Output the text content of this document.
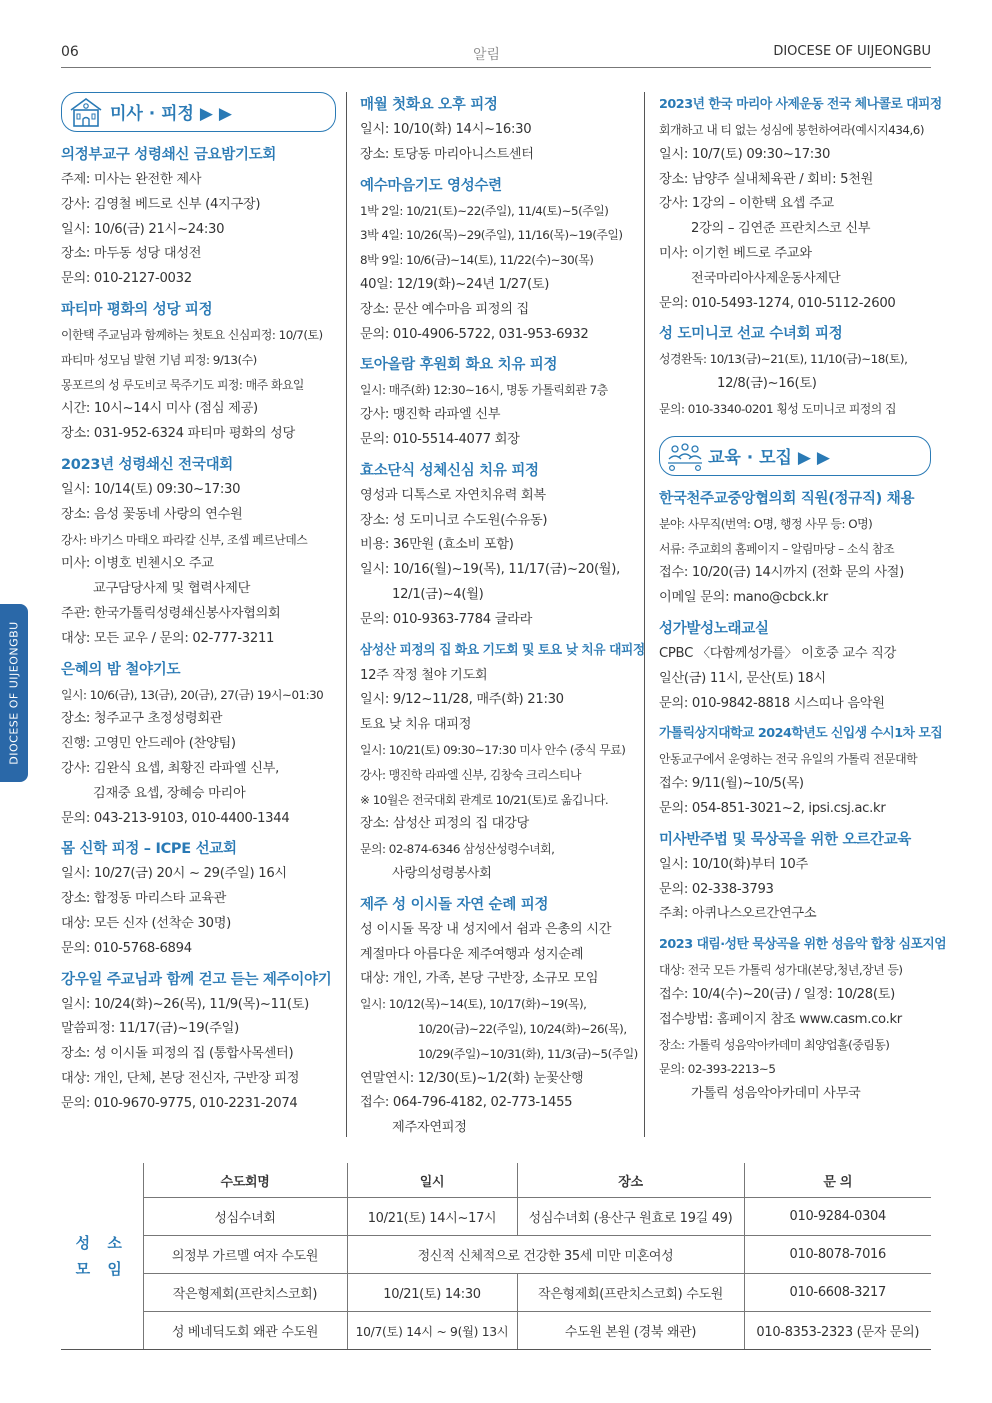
06	알림	DIOCESE OF UIJEONGBU
DIOCESE OF UIJEONGBU
미사 · 피정 ▶ ▶
의정부교구 성령쇄신 금요밤기도회
주제: 미사는 완전한 제사
강사: 김영철 베드로 신부 (4지구장)
일시: 10/6(금) 21시~24:30
장소: 마두동 성당 대성전
문의: 010-2127-0032
파티마 평화의 성당 피정
이한택 주교님과 함께하는 첫토요 신심피정: 10/7(토)
파티마 성모님 발현 기념 피정: 9/13(수)
몽포르의 성 루도비코 묵주기도 피정: 매주 화요일
시간: 10시~14시 미사 (점심 제공)
장소: 031-952-6324 파티마 평화의 성당
2023년 성령쇄신 전국대회
일시: 10/14(토) 09:30~17:30
장소: 음성 꽃동네 사랑의 연수원
강사: 바기스 마태오 파라칼 신부, 조셉 페르난데스
미사: 이병호 빈첸시오 주교
교구담당사제 및 협력사제단
주관: 한국가톨릭성령쇄신봉사자협의회
대상: 모든 교우 / 문의: 02-777-3211
은혜의 밤 철야기도
일시: 10/6(금), 13(금), 20(금), 27(금) 19시~01:30
장소: 청주교구 초정성령회관
진행: 고영민 안드레아 (찬양팀)
강사: 김완식 요셉, 최황진 라파엘 신부,
김재중 요셉, 장혜승 마리아
문의: 043-213-9103, 010-4400-1344
몸 신학 피정 – ICPE 선교회
일시: 10/27(금) 20시 ~ 29(주일) 16시
장소: 합정동 마리스타 교육관
대상: 모든 신자 (선착순 30명)
문의: 010-5768-6894
강우일 주교님과 함께 걷고 듣는 제주이야기
일시: 10/24(화)~26(목), 11/9(목)~11(토)
말씀피정: 11/17(금)~19(주일)
장소: 성 이시돌 피정의 집 (통합사목센터)
대상: 개인, 단체, 본당 전신자, 구반장 피정
문의: 010-9670-9775, 010-2231-2074
매월 첫화요 오후 피정
일시: 10/10(화) 14시~16:30
장소: 토당동 마리아니스트센터
예수마음기도 영성수련
1박 2일: 10/21(토)~22(주일), 11/4(토)~5(주일)
3박 4일: 10/26(목)~29(주일), 11/16(목)~19(주일)
8박 9일: 10/6(금)~14(토), 11/22(수)~30(목)
40일: 12/19(화)~24년 1/27(토)
장소: 문산 예수마음 피정의 집
문의: 010-4906-5722, 031-953-6932
토아올람 후원회 화요 치유 피정
일시: 매주(화) 12:30~16시, 명동 가톨릭회관 7층
강사: 맹진학 라파엘 신부
문의: 010-5514-4077 회장
효소단식 성체신심 치유 피정
영성과 디톡스로 자연치유력 회복
장소: 성 도미니코 수도원(수유동)
비용: 36만원 (효소비 포함)
일시: 10/16(월)~19(목), 11/17(금)~20(월),
12/1(금)~4(월)
문의: 010-9363-7784 글라라
삼성산 피정의 집 화요 기도회 및 토요 낮 치유 대피정
12주 작정 철야 기도회
일시: 9/12~11/28, 매주(화) 21:30
토요 낮 치유 대피정
일시: 10/21(토) 09:30~17:30 미사 안수 (중식 무료)
강사: 맹진학 라파엘 신부, 김창숙 크리스티나
※ 10월은 전국대회 관계로 10/21(토)로 옮깁니다.
장소: 삼성산 피정의 집 대강당
문의: 02-874-6346 삼성산성령수녀회,
사랑의성령봉사회
제주 성 이시돌 자연 순례 피정
성 이시돌 목장 내 성지에서 쉼과 은총의 시간
계절마다 아름다운 제주여행과 성지순례
대상: 개인, 가족, 본당 구반장, 소규모 모임
일시: 10/12(목)~14(토), 10/17(화)~19(목),
10/20(금)~22(주일), 10/24(화)~26(목),
10/29(주일)~10/31(화), 11/3(금)~5(주일)
연말연시: 12/30(토)~1/2(화) 눈꽃산행
접수: 064-796-4182, 02-773-1455
제주자연피정
2023년 한국 마리아 사제운동 전국 체나콜로 대피정
회개하고 내 티 없는 성심에 봉헌하여라(예시지434,6)
일시: 10/7(토) 09:30~17:30
장소: 남양주 실내체육관 / 회비: 5천원
강사: 1강의 – 이한택 요셉 주교
2강의 – 김연준 프란치스코 신부
미사: 이기헌 베드로 주교와
전국마리아사제운동사제단
문의: 010-5493-1274, 010-5112-2600
성 도미니코 선교 수녀회 피정
성경완독: 10/13(금)~21(토), 11/10(금)~18(토),
12/8(금)~16(토)
문의: 010-3340-0201 횡성 도미니코 피정의 집
교육 · 모집 ▶ ▶
한국천주교중앙협의회 직원(정규직) 채용
분야: 사무직(번역: O명, 행정 사무 등: O명)
서류: 주교회의 홈페이지 – 알림마당 – 소식 참조
접수: 10/20(금) 14시까지 (전화 문의 사절)
이메일 문의: mano@cbck.kr
성가발성노래교실
CPBC 〈다함께성가를〉 이호중 교수 직강
일산(금) 11시, 문산(토) 18시
문의: 010-9842-8818 시스띠나 음악원
가톨릭상지대학교 2024학년도 신입생 수시1차 모집
안동교구에서 운영하는 전국 유일의 가톨릭 전문대학
접수: 9/11(월)~10/5(목)
문의: 054-851-3021~2, ipsi.csj.ac.kr
미사반주법 및 묵상곡을 위한 오르간교육
일시: 10/10(화)부터 10주
문의: 02-338-3793
주최: 아퀴나스오르간연구소
2023 대림·성탄 묵상곡을 위한 성음악 합창 심포지엄
대상: 전국 모든 가톨릭 성가대(본당,청년,장년 등)
접수: 10/4(수)~20(금) / 일정: 10/28(토)
접수방법: 홈페이지 참조 www.casm.co.kr
장소: 가톨릭 성음악아카데미 최양업홀(중림동)
문의: 02-393-2213~5
가톨릭 성음악아카데미 사무국
성 소
모 임	수도회명	일시	장소	문 의
	성심수녀회	10/21(토) 14시~17시	성심수녀회 (용산구 원효로 19길 49)	010-9284-0304
	의정부 가르멜 여자 수도원	정신적 신체적으로 건강한 35세 미만 미혼여성		010-8078-7016
	작은형제회(프란치스코회)	10/21(토) 14:30	작은형제회(프란치스코회) 수도원	010-6608-3217
	성 베네딕도회 왜관 수도원	10/7(토) 14시 ~ 9(월) 13시	수도원 본원 (경북 왜관)	010-8353-2323 (문자 문의)
